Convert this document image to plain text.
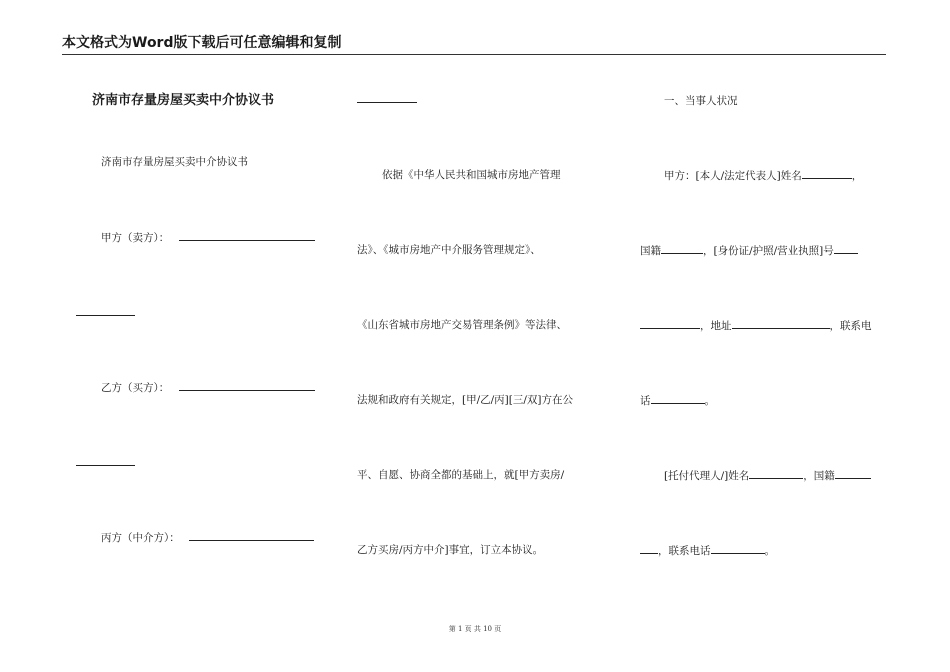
本文格式为Word版下载后可任意编辑和复制
济南市存量房屋买卖中介协议书
济南市存量房屋买卖中介协议书
甲方（卖方）：
乙方（买方）：
丙方（中介方）：
依据《中华人民共和国城市房地产管理
法》、《城市房地产中介服务管理规定》、
《山东省城市房地产交易管理条例》等法律、
法规和政府有关规定，[甲/乙/丙][三/双]方在公
平、自愿、协商全都的基础上，就[甲方卖房/
乙方买房/丙方中介]事宜，订立本协议。
一、当事人状况
甲方：[本人/法定代表人]姓名	，
国籍	，[身份证/护照/营业执照]号
，地址	，联系电
话	。
[托付代理人/]姓名	，国籍
，联系电话	。
第 1 页 共 10 页
